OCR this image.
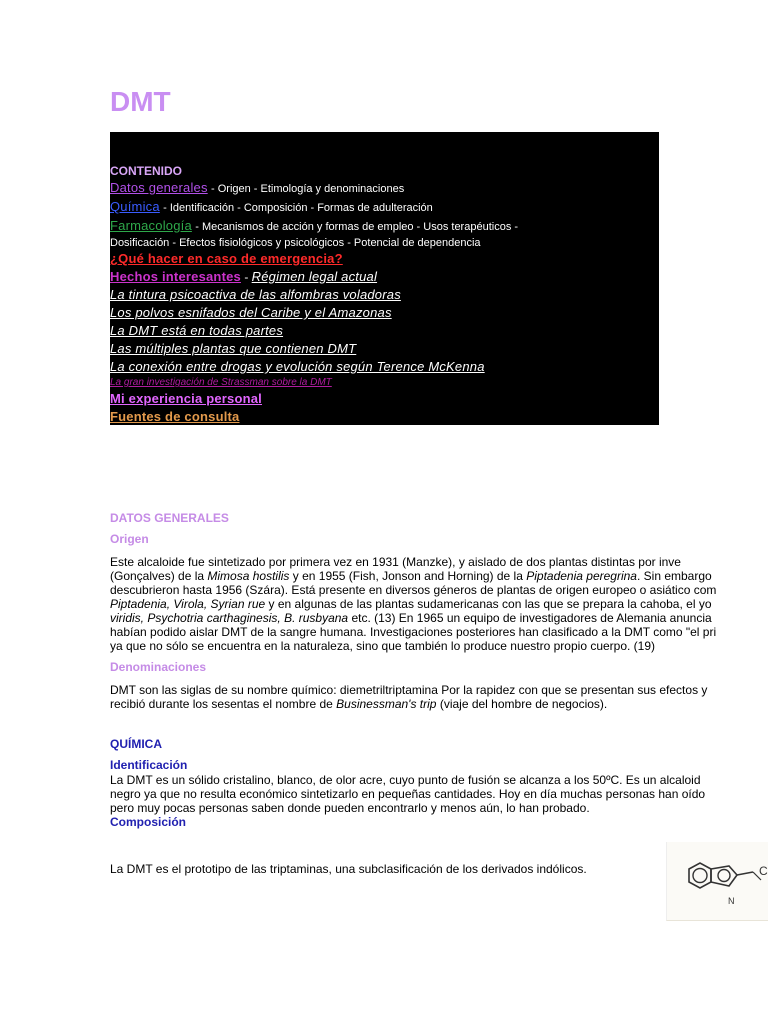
DMT
CONTENIDO
Datos generales - Origen - Etimología y denominaciones
Química - Identificación - Composición - Formas de adulteración
Farmacología - Mecanismos de acción y formas de empleo - Usos terapéuticos -
Dosificación - Efectos fisiológicos y psicológicos - Potencial de dependencia
¿Qué hacer en caso de emergencia?
Hechos interesantes - Régimen legal actual
La tintura psicoactiva de las alfombras voladoras
Los polvos esnifados del Caribe y el Amazonas
La DMT está en todas partes
Las múltiples plantas que contienen DMT
La conexión entre drogas y evolución según Terence McKenna
La gran investigación de Strassman sobre la DMT
Mi experiencia personal
Fuentes de consulta
DATOS GENERALES
Origen
Este alcaloide fue sintetizado por primera vez en 1931 (Manzke), y aislado de dos plantas distintas por inve
(Gonçalves) de la Mimosa hostilis y en 1955 (Fish, Jonson and Horning) de la Piptadenia peregrina. Sin embargo
descubrieron hasta 1956 (Szára). Está presente en diversos géneros de plantas de origen europeo o asiático com
Piptadenia, Virola, Syrian rue y en algunas de las plantas sudamericanas con las que se prepara la cahoba, el yo
viridis, Psychotria carthaginesis, B. rusbyana etc. (13) En 1965 un equipo de investigadores de Alemania anuncia
habían podido aislar DMT de la sangre humana. Investigaciones posteriores han clasificado a la DMT como "el pri
ya que no sólo se encuentra en la naturaleza, sino que también lo produce nuestro propio cuerpo. (19)
Denominaciones
DMT son las siglas de su nombre químico: diemetriltriptamina Por la rapidez con que se presentan sus efectos y
recibió durante los sesentas el nombre de Businessman's trip (viaje del hombre de negocios).
QUÍMICA
Identificación
La DMT es un sólido cristalino, blanco, de olor acre, cuyo punto de fusión se alcanza a los 50ºC. Es un alcaloid
negro ya que no resulta económico sintetizarlo en pequeñas cantidades. Hoy en día muchas personas han oído
pero muy pocas personas saben donde pueden encontrarlo y menos aún, lo han probado.
Composición
La DMT es el prototipo de las triptaminas, una subclasificación de los derivados indólicos.
N
C
